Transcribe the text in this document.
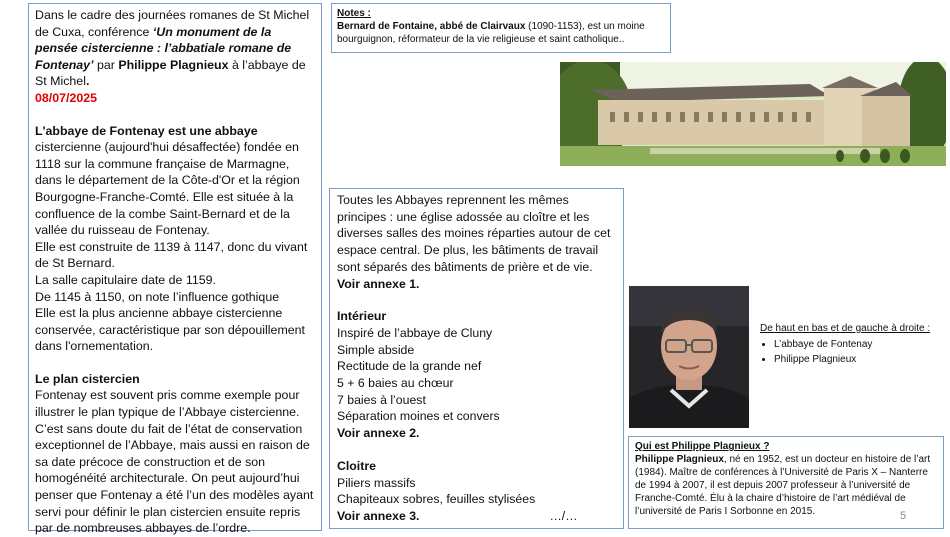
Dans le cadre des journées romanes de St Michel de Cuxa, conférence ‘Un monument de la pensée cistercienne : l’abbatiale romane de Fontenay’ par Philippe Plagnieux à l’abbaye de St Michel.

08/07/2025

L'abbaye de Fontenay est une abbaye

cistercienne (aujourd'hui désaffectée) fondée en 1118 sur la commune française de Marmagne, dans le département de la Côte-d'Or et la région Bourgogne-Franche-Comté. Elle est située à la confluence de la combe Saint-Bernard et de la vallée du ruisseau de Fontenay.

Elle est construite de 1139 à 1147, donc du vivant de St Bernard.

La salle capitulaire date de 1159.

De 1145 à 1150, on note l’influence gothique

Elle est la plus ancienne abbaye cistercienne conservée, caractéristique par son dépouillement dans l'ornementation.

Le plan cistercien

Fontenay est souvent pris comme exemple pour illustrer le plan typique de l’Abbaye cistercienne. C’est sans doute du fait de l’état de conservation exceptionnel de l’Abbaye, mais aussi en raison de sa date précoce de construction et de son homogénéité architecturale. On peut aujourd’hui penser que Fontenay a été l’un des modèles ayant servi pour définir le plan cistercien ensuite repris par de nombreuses abbayes de l’ordre.

Notes :

Bernard de Fontaine, abbé de Clairvaux (1090-1153), est un moine bourguignon, réformateur de la vie religieuse et saint catholique..

Toutes les Abbayes reprennent les mêmes principes : une église adossée au cloître et les diverses salles des moines réparties autour de cet espace central. De plus, les bâtiments de travail sont séparés des bâtiments de prière et de vie.

Voir annexe 1.

Intérieur

Inspiré de l’abbaye de Cluny

Simple abside

Rectitude de la grande nef

5 + 6 baies au chœur

7 baies à l’ouest

Séparation moines et convers

Voir annexe 2.

Cloitre

Piliers massifs

Chapiteaux sobres, feuilles stylisées

Voir annexe 3.	…/…

De haut en bas et de gauche à droite :

• L’abbaye de Fontenay
• Philippe Plagnieux

Qui est Philippe Plagnieux ?

Philippe Plagnieux, né en 1952, est un docteur en histoire de l’art (1984). Maître de conférences à l’Université de Paris X – Nanterre de 1994 à 2007, il est depuis 2007 professeur à l’université de Franche-Comté. Élu à la chaire d’histoire de l’art médiéval de l’université de Paris I Sorbonne en 2015.	5
